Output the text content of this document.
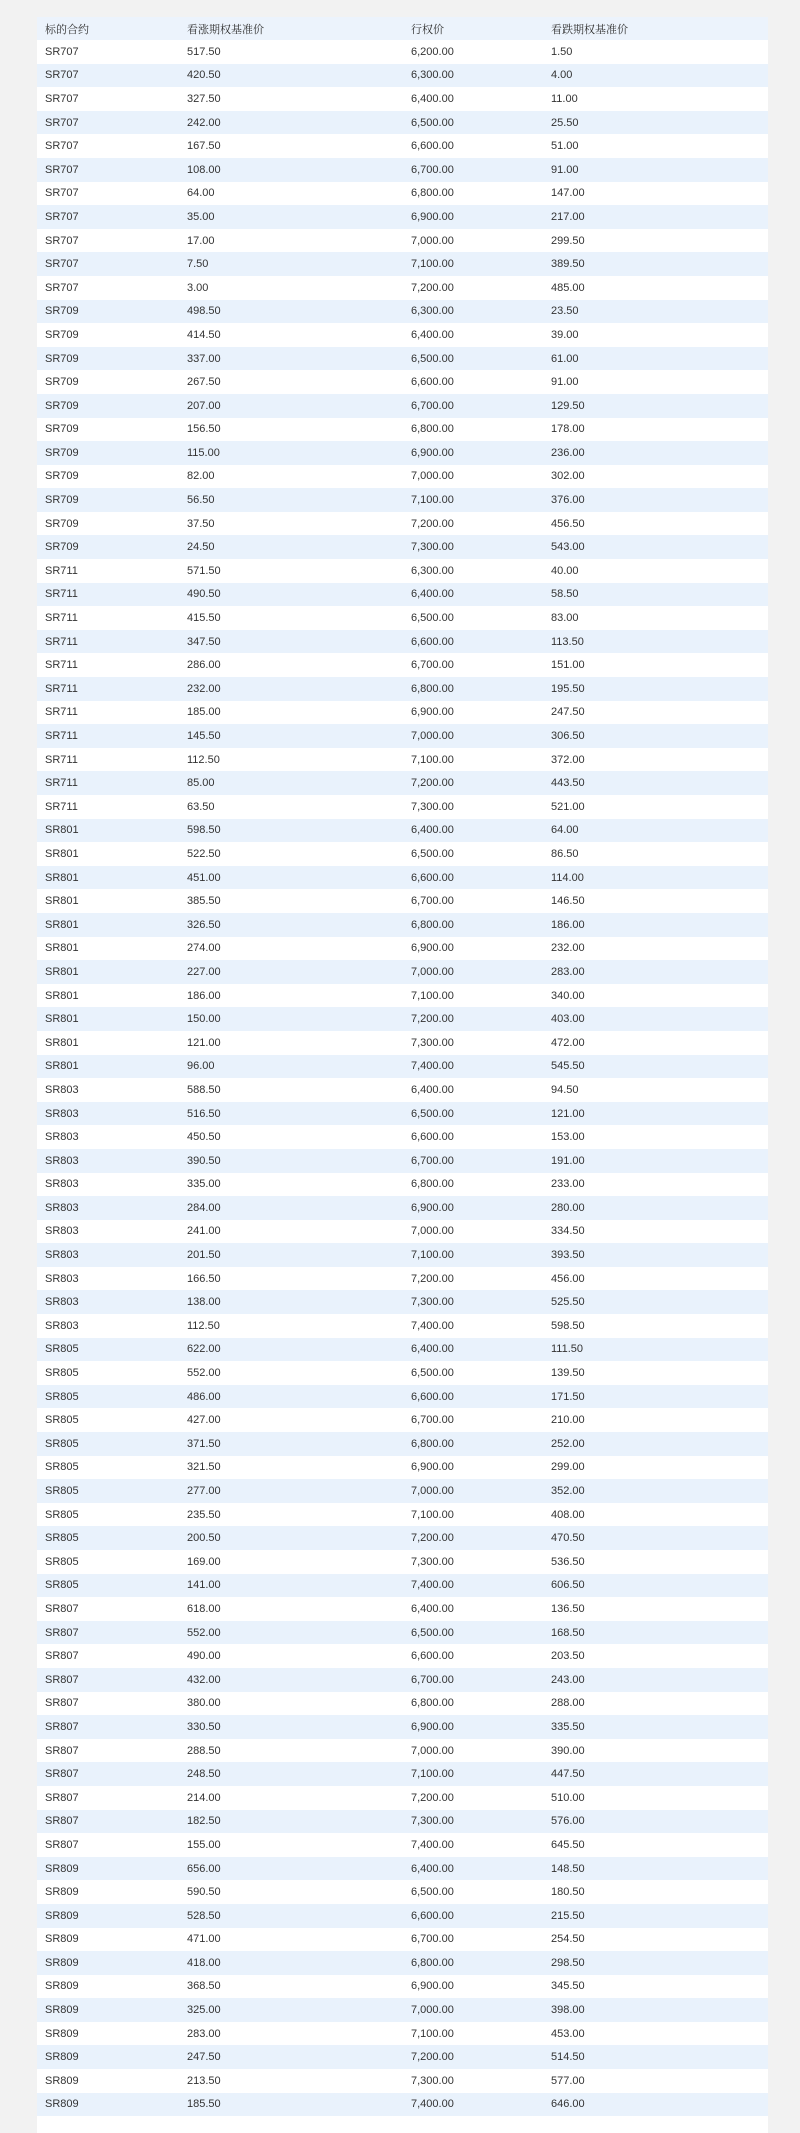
标的合约	看涨期权基准价	行权价	看跌期权基准价
SR707	517.50	6,200.00	1.50
SR707	420.50	6,300.00	4.00
SR707	327.50	6,400.00	11.00
SR707	242.00	6,500.00	25.50
SR707	167.50	6,600.00	51.00
SR707	108.00	6,700.00	91.00
SR707	64.00	6,800.00	147.00
SR707	35.00	6,900.00	217.00
SR707	17.00	7,000.00	299.50
SR707	7.50	7,100.00	389.50
SR707	3.00	7,200.00	485.00
SR709	498.50	6,300.00	23.50
SR709	414.50	6,400.00	39.00
SR709	337.00	6,500.00	61.00
SR709	267.50	6,600.00	91.00
SR709	207.00	6,700.00	129.50
SR709	156.50	6,800.00	178.00
SR709	115.00	6,900.00	236.00
SR709	82.00	7,000.00	302.00
SR709	56.50	7,100.00	376.00
SR709	37.50	7,200.00	456.50
SR709	24.50	7,300.00	543.00
SR711	571.50	6,300.00	40.00
SR711	490.50	6,400.00	58.50
SR711	415.50	6,500.00	83.00
SR711	347.50	6,600.00	113.50
SR711	286.00	6,700.00	151.00
SR711	232.00	6,800.00	195.50
SR711	185.00	6,900.00	247.50
SR711	145.50	7,000.00	306.50
SR711	112.50	7,100.00	372.00
SR711	85.00	7,200.00	443.50
SR711	63.50	7,300.00	521.00
SR801	598.50	6,400.00	64.00
SR801	522.50	6,500.00	86.50
SR801	451.00	6,600.00	114.00
SR801	385.50	6,700.00	146.50
SR801	326.50	6,800.00	186.00
SR801	274.00	6,900.00	232.00
SR801	227.00	7,000.00	283.00
SR801	186.00	7,100.00	340.00
SR801	150.00	7,200.00	403.00
SR801	121.00	7,300.00	472.00
SR801	96.00	7,400.00	545.50
SR803	588.50	6,400.00	94.50
SR803	516.50	6,500.00	121.00
SR803	450.50	6,600.00	153.00
SR803	390.50	6,700.00	191.00
SR803	335.00	6,800.00	233.00
SR803	284.00	6,900.00	280.00
SR803	241.00	7,000.00	334.50
SR803	201.50	7,100.00	393.50
SR803	166.50	7,200.00	456.00
SR803	138.00	7,300.00	525.50
SR803	112.50	7,400.00	598.50
SR805	622.00	6,400.00	111.50
SR805	552.00	6,500.00	139.50
SR805	486.00	6,600.00	171.50
SR805	427.00	6,700.00	210.00
SR805	371.50	6,800.00	252.00
SR805	321.50	6,900.00	299.00
SR805	277.00	7,000.00	352.00
SR805	235.50	7,100.00	408.00
SR805	200.50	7,200.00	470.50
SR805	169.00	7,300.00	536.50
SR805	141.00	7,400.00	606.50
SR807	618.00	6,400.00	136.50
SR807	552.00	6,500.00	168.50
SR807	490.00	6,600.00	203.50
SR807	432.00	6,700.00	243.00
SR807	380.00	6,800.00	288.00
SR807	330.50	6,900.00	335.50
SR807	288.50	7,000.00	390.00
SR807	248.50	7,100.00	447.50
SR807	214.00	7,200.00	510.00
SR807	182.50	7,300.00	576.00
SR807	155.00	7,400.00	645.50
SR809	656.00	6,400.00	148.50
SR809	590.50	6,500.00	180.50
SR809	528.50	6,600.00	215.50
SR809	471.00	6,700.00	254.50
SR809	418.00	6,800.00	298.50
SR809	368.50	6,900.00	345.50
SR809	325.00	7,000.00	398.00
SR809	283.00	7,100.00	453.00
SR809	247.50	7,200.00	514.50
SR809	213.50	7,300.00	577.00
SR809	185.50	7,400.00	646.00
